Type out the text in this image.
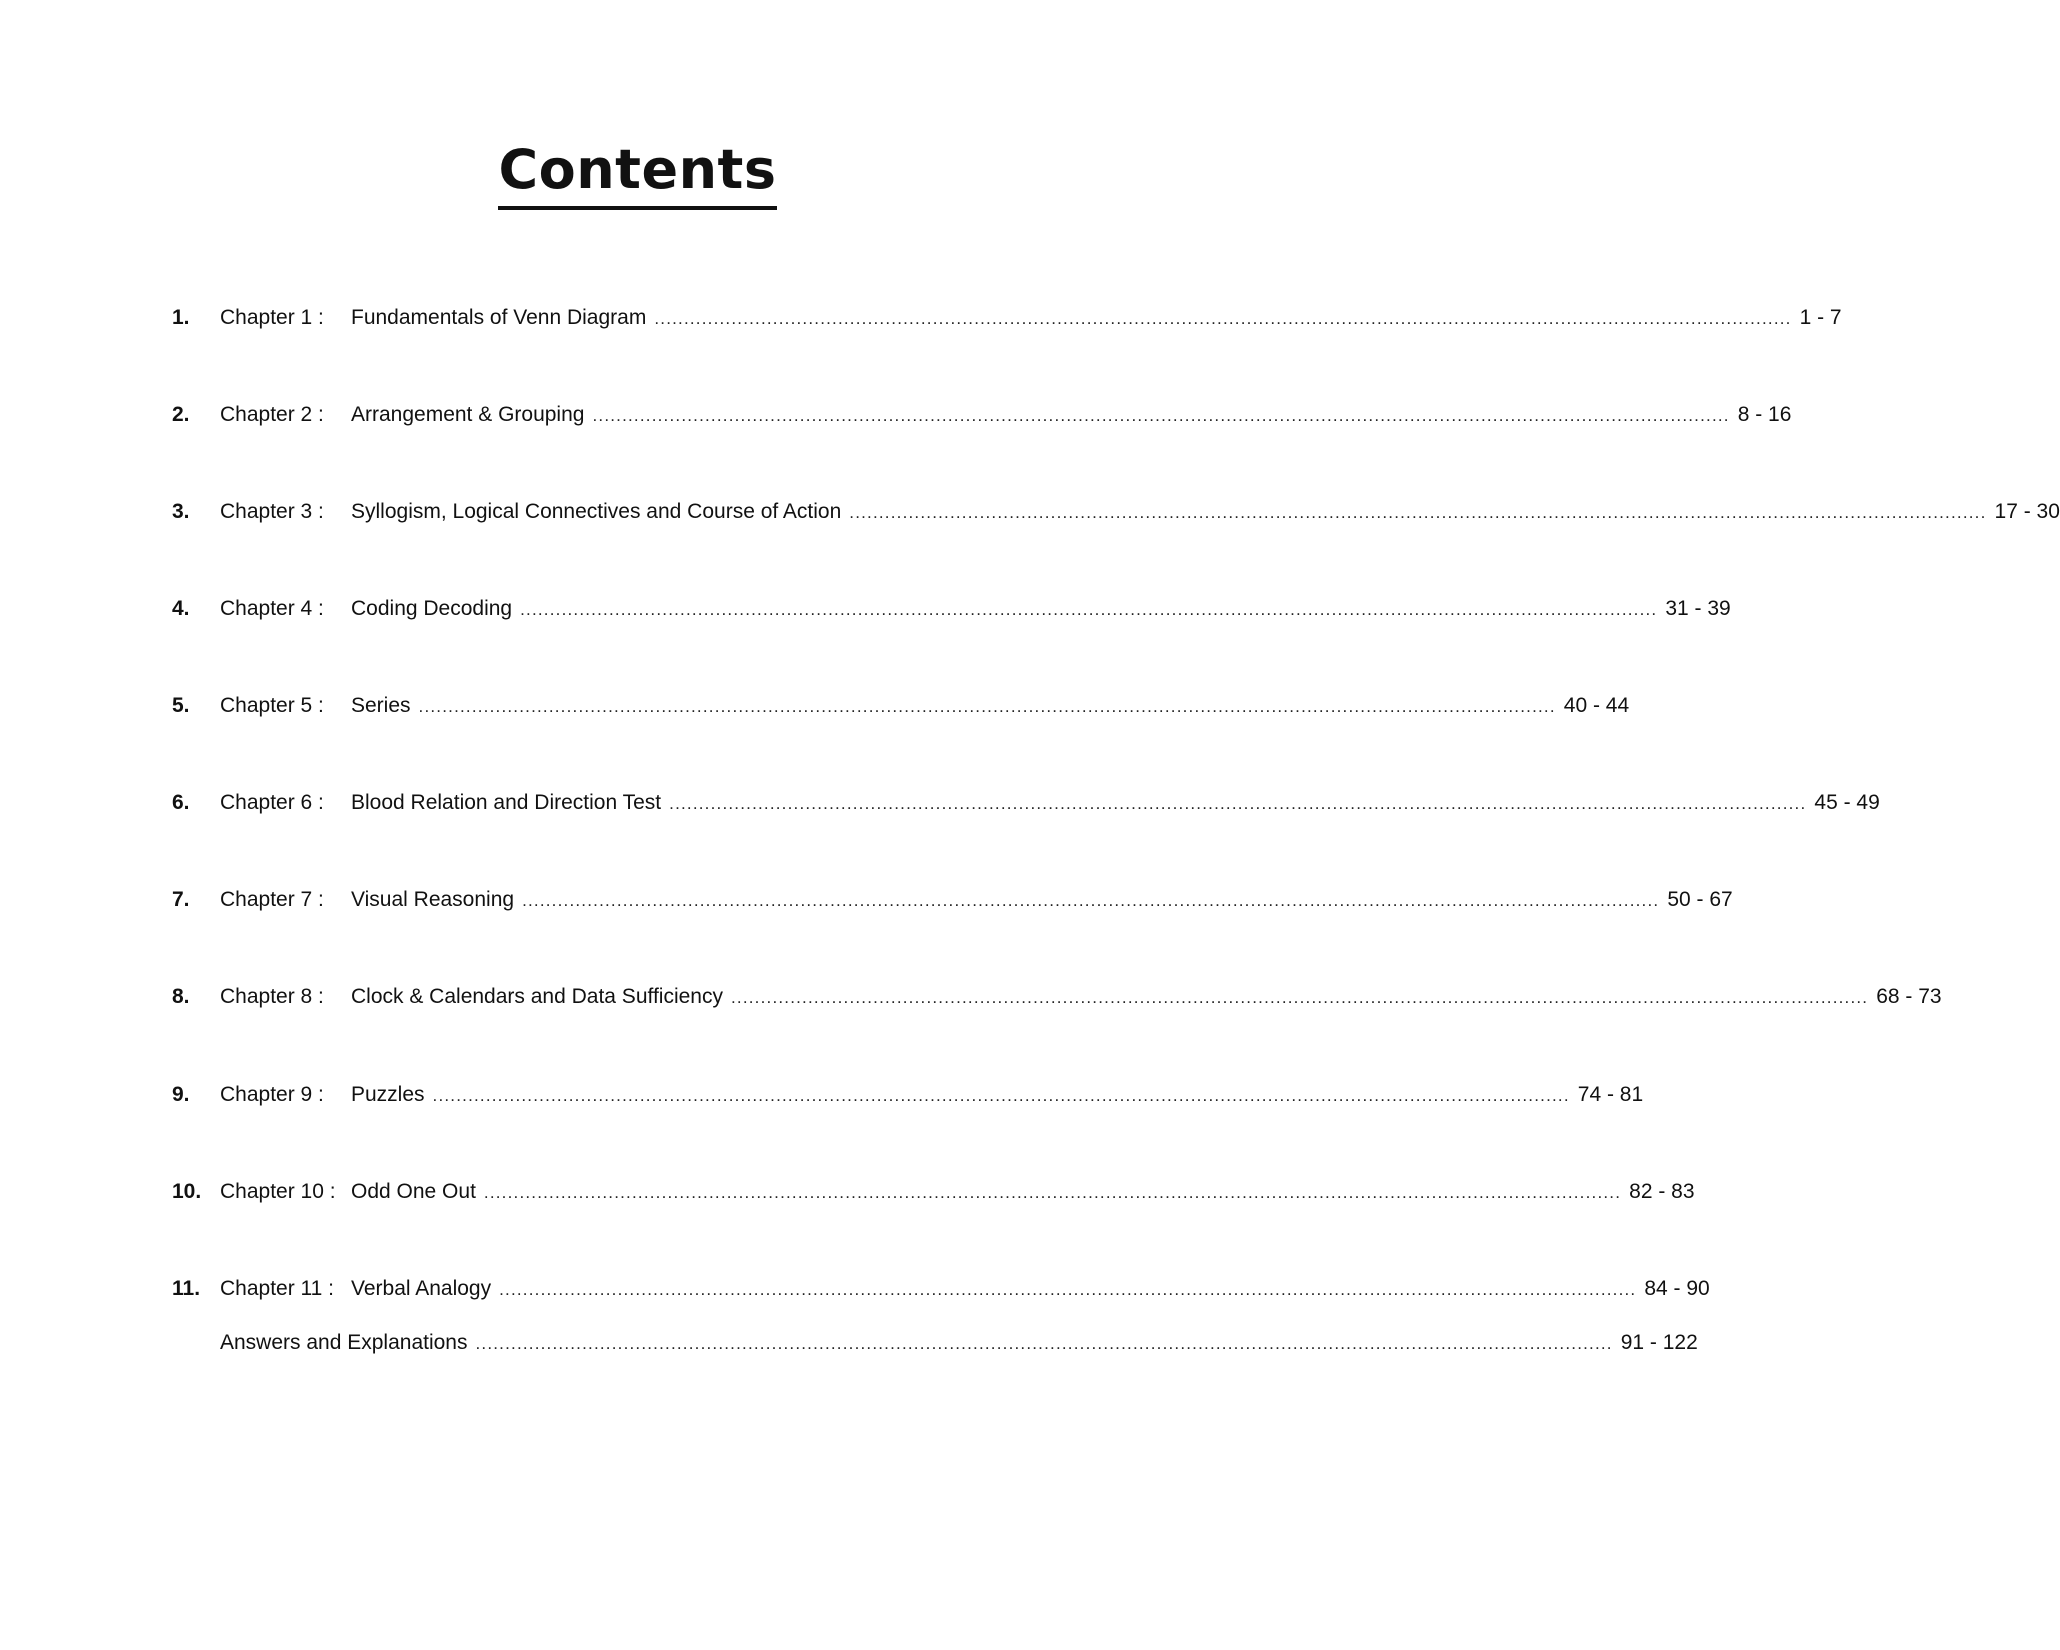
Contents
1. Chapter 1 : Fundamentals of Venn Diagram ................................................................................................................................................................................................ 1 - 7
2. Chapter 2 : Arrangement & Grouping ................................................................................................................................................................................................ 8 - 16
3. Chapter 3 : Syllogism, Logical Connectives and Course of Action ................................................................................................................................................................................................ 17 - 30
4. Chapter 4 : Coding Decoding ................................................................................................................................................................................................ 31 - 39
5. Chapter 5 : Series ................................................................................................................................................................................................ 40 - 44
6. Chapter 6 : Blood Relation and Direction Test ................................................................................................................................................................................................ 45 - 49
7. Chapter 7 : Visual Reasoning ................................................................................................................................................................................................ 50 - 67
8. Chapter 8 : Clock & Calendars and Data Sufficiency ................................................................................................................................................................................................ 68 - 73
9. Chapter 9 : Puzzles ................................................................................................................................................................................................ 74 - 81
10. Chapter 10 : Odd One Out ................................................................................................................................................................................................ 82 - 83
11. Chapter 11 : Verbal Analogy ................................................................................................................................................................................................ 84 - 90
Answers and Explanations ................................................................................................................................................................................................ 91 - 122
